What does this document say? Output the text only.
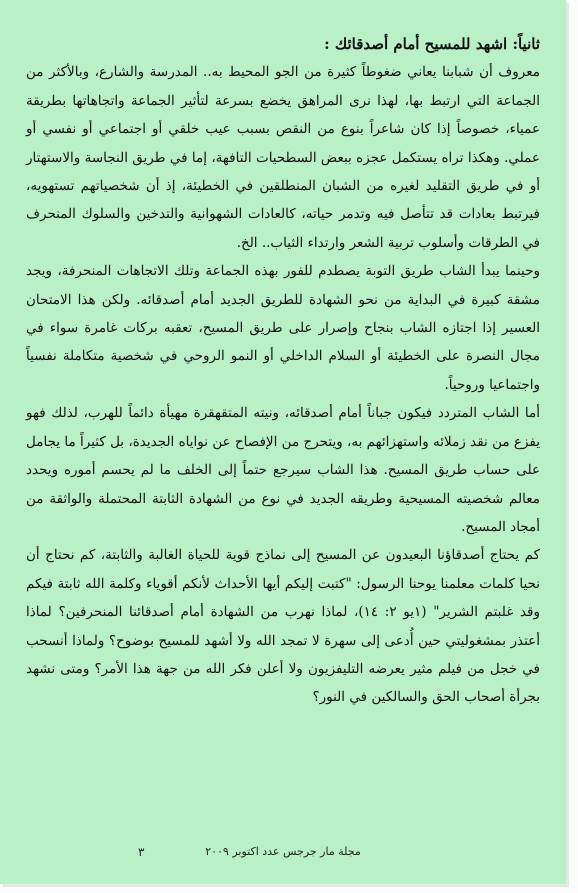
ثانياً: اشهد للمسيح أمام أصدقائك :

معروف أن شبابنا يعاني ضغوطاً كثيرة من الجو المحيط به.. المدرسة والشارع، وبالأكثر من الجماعة التي ارتبط بها، لهذا نرى المراهق يخضع بسرعة لتأثير الجماعة واتجاهاتها بطريقة عمياء، خصوصاً إذا كان شاعراً بنوع من النقص بسبب عيب خلقي أو اجتماعي أو نفسي أو عملي. وهكذا تراه يستكمل عجزه ببعض السطحيات التافهة، إما في طريق النجاسة والاستهتار أو في طريق التقليد لغيره من الشبان المنطلقين في الخطيئة، إذ أن شخصياتهم تستهويه، فيرتبط بعادات قد تتأصل فيه وتدمر حياته، كالعادات الشهوانية والتدخين والسلوك المنحرف في الطرقات وأسلوب تربية الشعر وارتداء الثياب.. الخ.

وحينما يبدأ الشاب طريق التوبة يصطدم للفور بهذه الجماعة وتلك الاتجاهات المنحرفة، ويجد مشقة كبيرة في البداية من نحو الشهادة للطريق الجديد أمام أصدقائه. ولكن هذا الامتحان العسير إذا اجتازه الشاب بنجاح وإصرار على طريق المسيح، تعقبه بركات غامرة سواء في مجال النصرة على الخطيئة أو السلام الداخلي أو النمو الروحي في شخصية متكاملة نفسياً واجتماعيا وروحياً.

أما الشاب المتردد فيكون جباناً أمام أصدقائه، ونيته المتقهقرة مهيأة دائماً للهرب، لذلك فهو يفزع من نقد زملائه واستهزائهم به، ويتحرج من الإفصاح عن نواياه الجديدة، بل كثيراً ما يجامل على حساب طريق المسيح. هذا الشاب سيرجع حتماً إلى الخلف ما لم يحسم أموره ويحدد معالم شخصيته المسيحية وطريقه الجديد في نوع من الشهادة الثابتة المحتملة والواثقة من أمجاد المسيح.

كم يحتاج أصدقاؤنا البعيدون عن المسيح إلى نماذج قوية للحياة الغالبة والثابتة، كم نحتاج أن نحيا كلمات معلمنا يوحنا الرسول: "كتبت إليكم أيها الأحداث لأنكم أقوياء وكلمة الله ثابتة فيكم وقد غلبتم الشرير" (١يو ٢: ١٤)، لماذا نهرب من الشهادة أمام أصدقائنا المنحرفين؟ لماذا أعتذر بمشغوليتي حين أُدعى إلى سهرة لا تمجد الله ولا أشهد للمسيح بوضوح؟ ولماذا أنسحب في خجل من فيلم مثير يعرضه التليفزيون ولا أعلن فكر الله من جهة هذا الأمر؟ ومتى نشهد بجرأة أصحاب الحق والسالكين في النور؟

مجلة مار جرجس عدد اكتوبر ٢٠٠٩
٣
